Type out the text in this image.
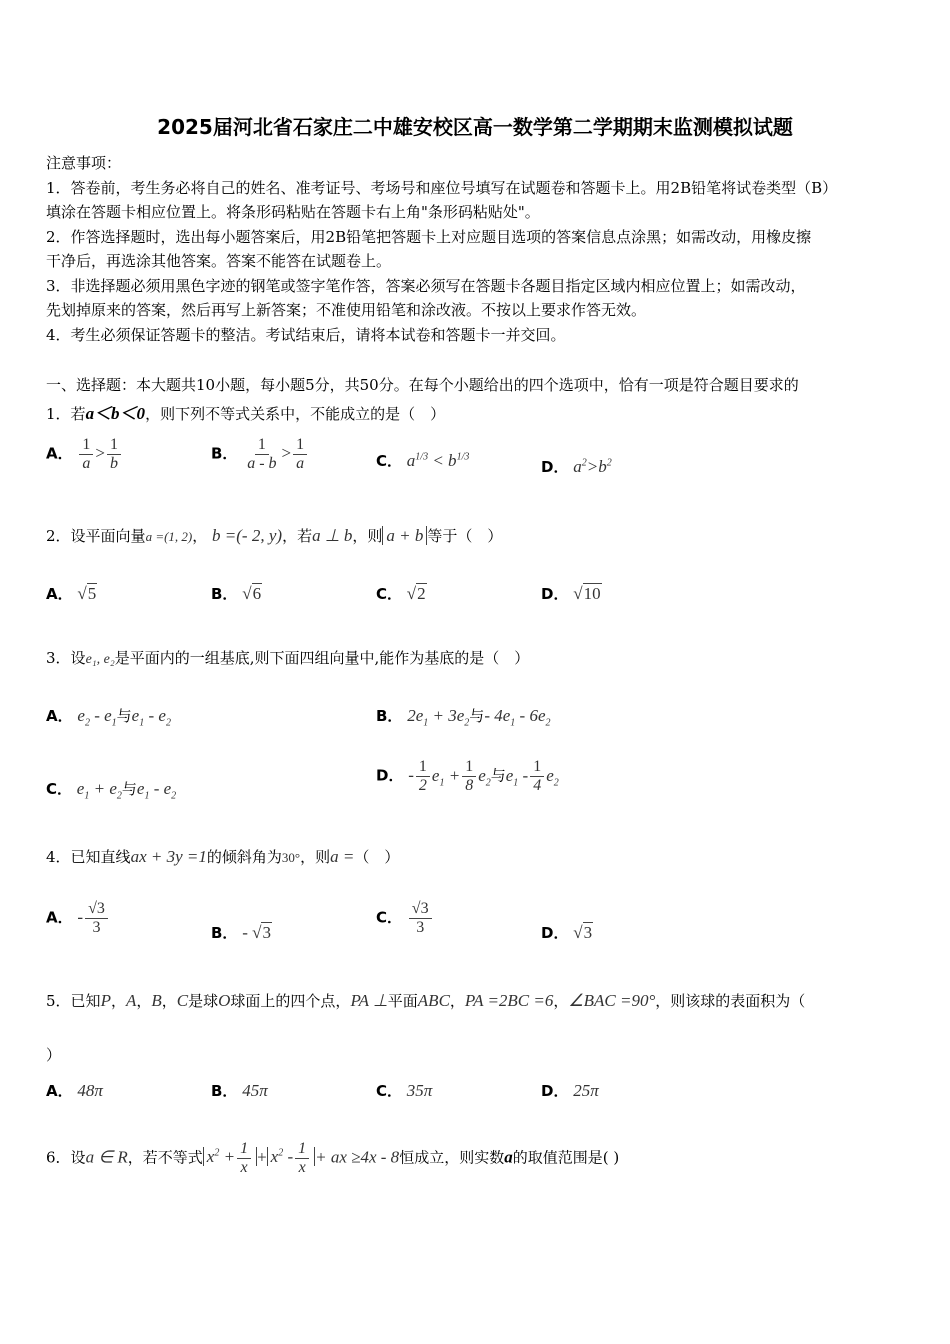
2025届河北省石家庄二中雄安校区高一数学第二学期期末监测模拟试题
注意事项：
1．答卷前，考生务必将自己的姓名、准考证号、考场号和座位号填写在试题卷和答题卡上。用2B铅笔将试卷类型（B）
填涂在答题卡相应位置上。将条形码粘贴在答题卡右上角"条形码粘贴处"。
2．作答选择题时，选出每小题答案后，用2B铅笔把答题卡上对应题目选项的答案信息点涂黑；如需改动，用橡皮擦
干净后，再选涂其他答案。答案不能答在试题卷上。
3．非选择题必须用黑色字迹的钢笔或签字笔作答，答案必须写在答题卡各题目指定区域内相应位置上；如需改动，
先划掉原来的答案，然后再写上新答案；不准使用铅笔和涂改液。不按以上要求作答无效。
4．考生必须保证答题卡的整洁。考试结束后，请将本试卷和答题卡一并交回。
一、选择题：本大题共10小题，每小题5分，共50分。在每个小题给出的四个选项中，恰有一项是符合题目要求的
1．若a＜b＜0，则下列不等式关系中，不能成立的是（　）
A． $\frac{1}{a} > \frac{1}{b}$	B． $\frac{1}{a - b} > \frac{1}{a}$	C． $a^{1/3} < b^{1/3}$
D． $a^2>b^2$
2．设平面向量a =(1, 2)， b =(- 2, y)，若a ⊥ b，则 a + b 等于（　）
A． √5	B． √6	C． √2	D． √10
3．设e₁, e₂是平面内的一组基底,则下面四组向量中,能作为基底的是（　）
A． $e_2 - e_1$与$e_1 - e_2$	B． $2e_1 + 3e_2$与- $4e_1 - 6e_2$
C． $e_1 + e_2$与$e_1 - e_2$
D． - $\frac{1}{2} e_1 + \frac{1}{8} e_2$与$e_1 - \frac{1}{4} e_2$
4．已知直线ax + 3y =1的倾斜角为30°，则a =（　）
A． - $\frac{√3}{3}$	B． - √3
C． $\frac{√3}{3}$	D． √3
5．已知P，A，B，C是球O球面上的四个点，PA ⊥平面ABC，PA =2BC =6，∠BAC =90°，则该球的表面积为（
）
A． 48π	B． 45π	C． 35π	D． 25π
6．设a ∈ R，若不等式 $x^2 + \frac{1}{x} + x^2 - \frac{1}{x}$ + ax ≥4x - 8恒成立，则实数a的取值范围是( )
